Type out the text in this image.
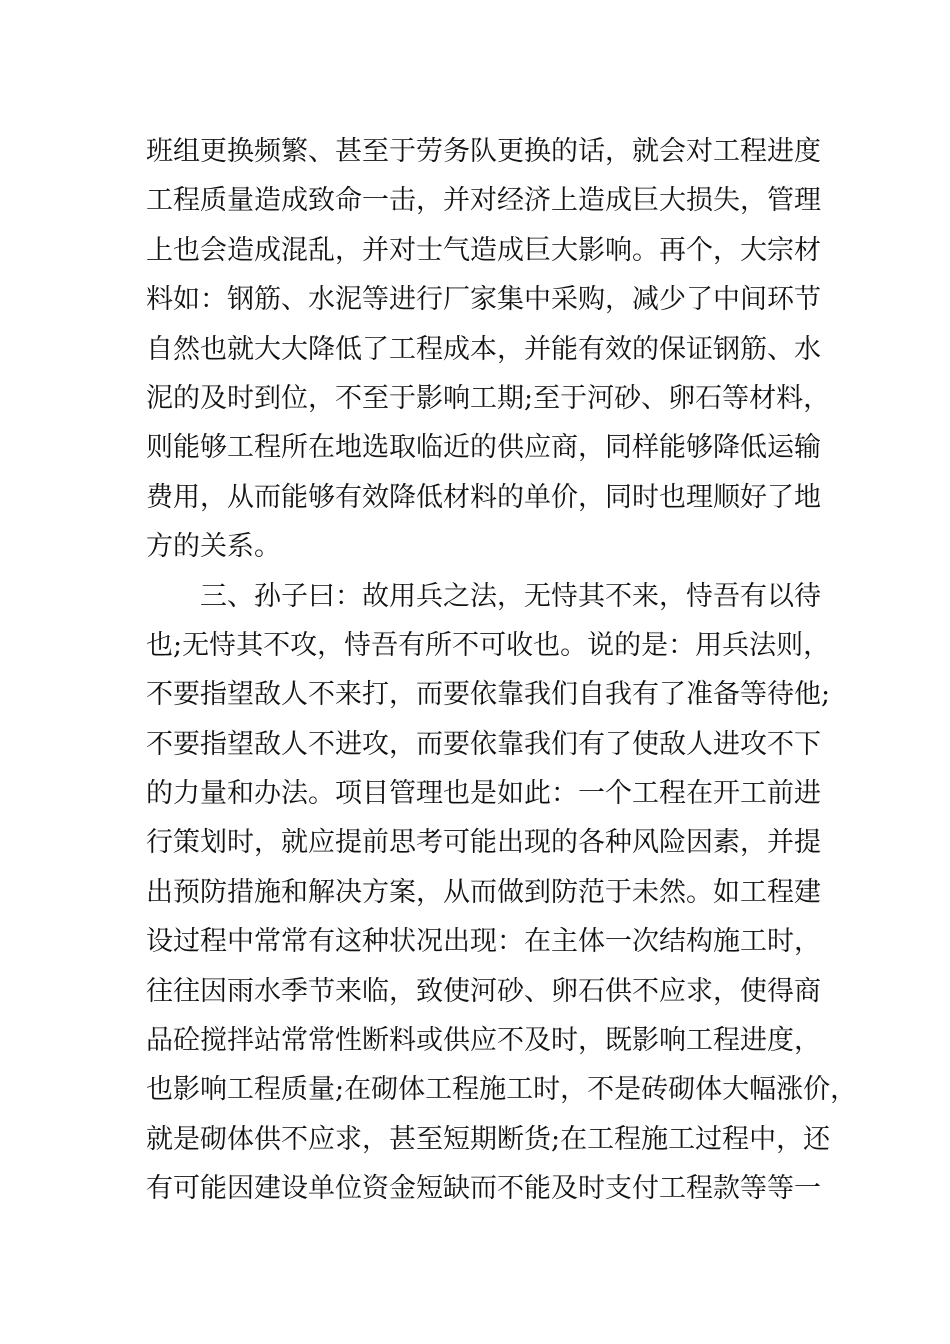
班组更换频繁、甚至于劳务队更换的话，就会对工程进度
工程质量造成致命一击，并对经济上造成巨大损失，管理
上也会造成混乱，并对士气造成巨大影响。再个，大宗材
料如：钢筋、水泥等进行厂家集中采购，减少了中间环节
自然也就大大降低了工程成本，并能有效的保证钢筋、水
泥的及时到位，不至于影响工期;至于河砂、卵石等材料，
则能够工程所在地选取临近的供应商，同样能够降低运输
费用，从而能够有效降低材料的单价，同时也理顺好了地
方的关系。
三、孙子曰：故用兵之法，无恃其不来，恃吾有以待
也;无恃其不攻，恃吾有所不可收也。说的是：用兵法则，
不要指望敌人不来打，而要依靠我们自我有了准备等待他;
不要指望敌人不进攻，而要依靠我们有了使敌人进攻不下
的力量和办法。项目管理也是如此：一个工程在开工前进
行策划时，就应提前思考可能出现的各种风险因素，并提
出预防措施和解决方案，从而做到防范于未然。如工程建
设过程中常常有这种状况出现：在主体一次结构施工时，
往往因雨水季节来临，致使河砂、卵石供不应求，使得商
品砼搅拌站常常性断料或供应不及时，既影响工程进度，
也影响工程质量;在砌体工程施工时，不是砖砌体大幅涨价，
就是砌体供不应求，甚至短期断货;在工程施工过程中，还
有可能因建设单位资金短缺而不能及时支付工程款等等一
